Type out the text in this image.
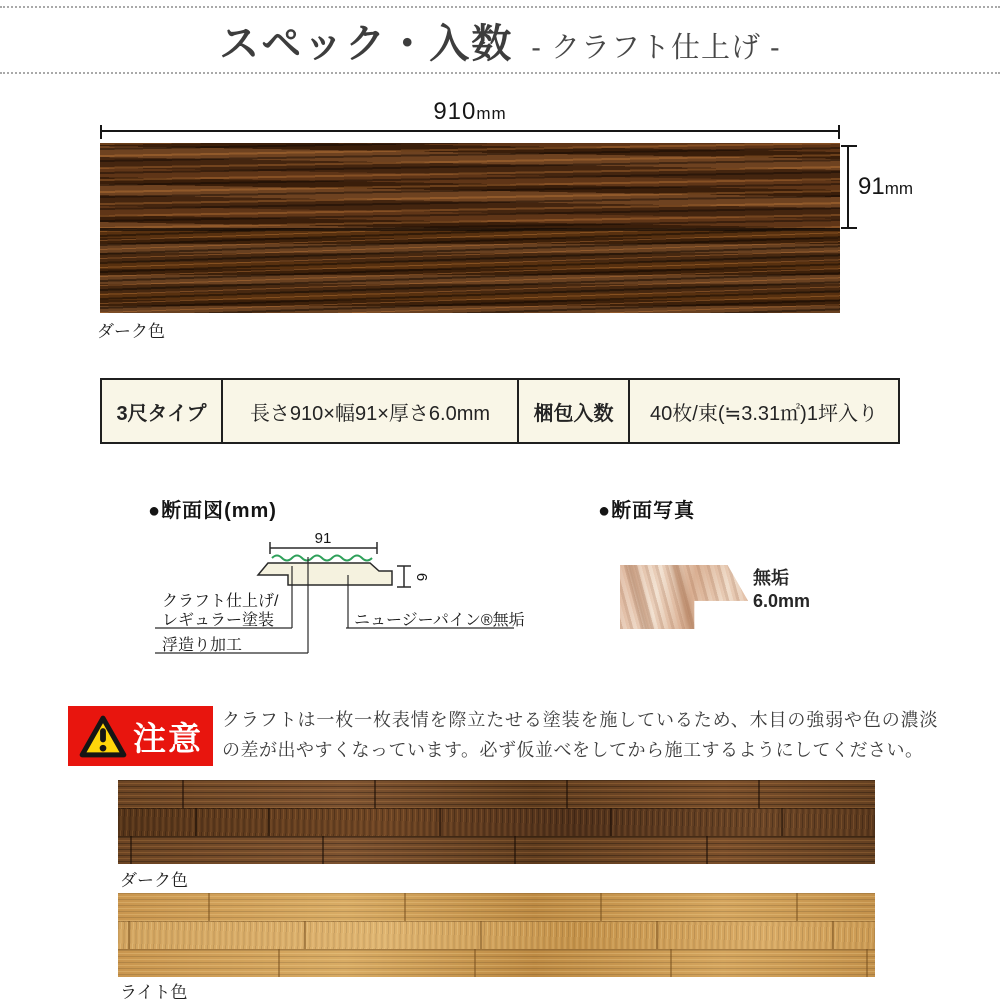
スペック・入数 - クラフト仕上げ -
910mm
91mm
ダーク色
3尺タイプ	長さ910×幅91×厚さ6.0mm	梱包入数	40枚/束(≒3.31㎡)1坪入り
●断面図(mm)
91
6
クラフト仕上げ/
レギュラー塗装
浮造り加工
ニュージーパイン®無垢
●断面写真
無垢
6.0mm
注意 クラフトは一枚一枚表情を際立たせる塗装を施しているため、木目の強弱や色の濃淡の差が出やすくなっています。必ず仮並べをしてから施工するようにしてください。
ダーク色
ライト色
